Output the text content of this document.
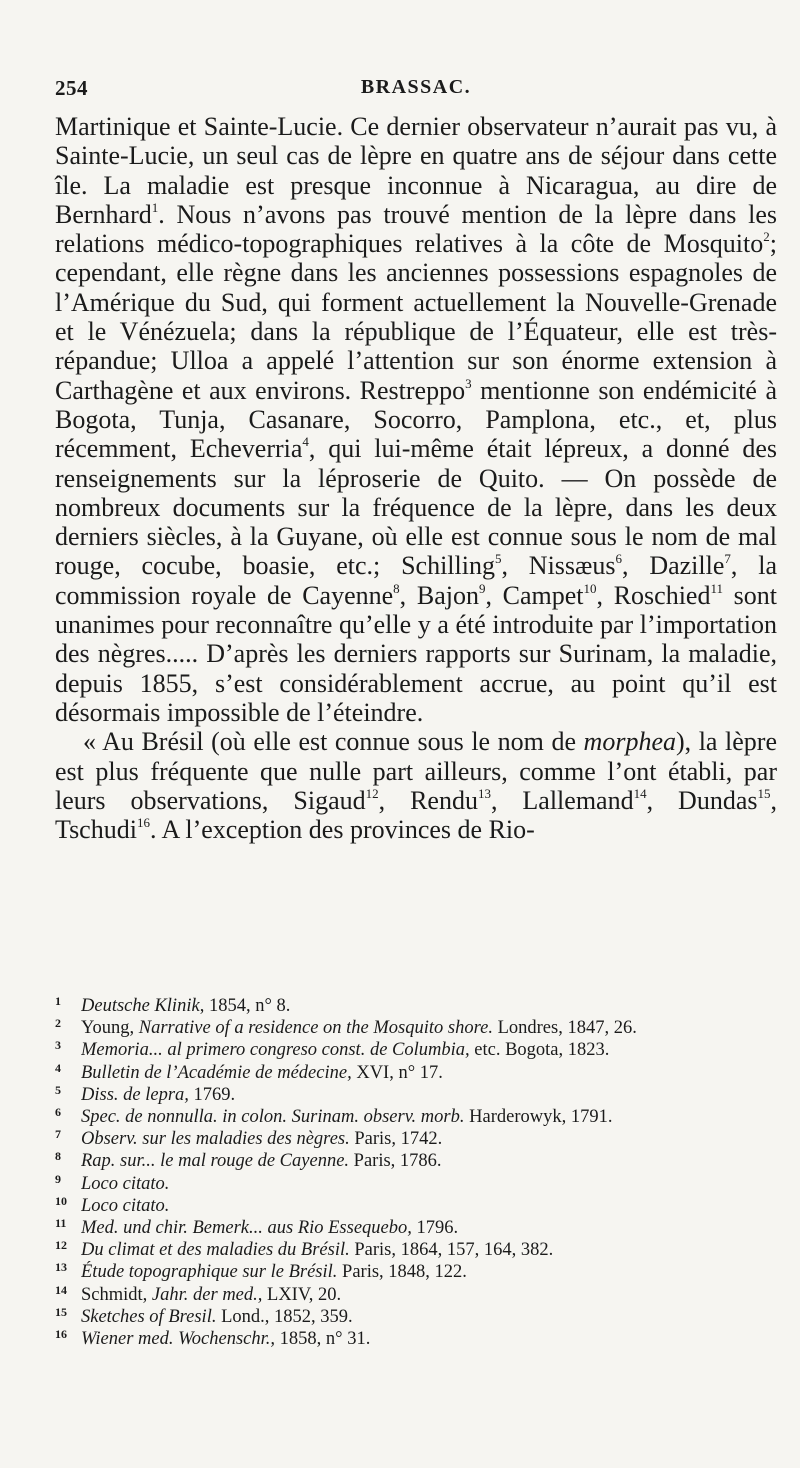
254	BRASSAC.

Martinique et Sainte-Lucie. Ce dernier observateur n’aurait pas vu, à Sainte-Lucie, un seul cas de lèpre en quatre ans de séjour dans cette île. La maladie est presque inconnue à Nicaragua, au dire de Bernhard$^1$. Nous n’avons pas trouvé mention de la lèpre dans les relations médico-topographiques relatives à la côte de Mosquito$^2$; cependant, elle règne dans les anciennes possessions espagnoles de l’Amérique du Sud, qui forment actuellement la Nouvelle-Grenade et le Vénézuela; dans la république de l’Équateur, elle est très-répandue; Ulloa a appelé l’attention sur son énorme extension à Carthagène et aux environs. Restreppo$^3$ mentionne son endémicité à Bogota, Tunja, Casanare, Socorro, Pamplona, etc., et, plus récemment, Echeverria$^4$, qui lui-même était lépreux, a donné des renseignements sur la léproserie de Quito. — On possède de nombreux documents sur la fréquence de la lèpre, dans les deux derniers siècles, à la Guyane, où elle est connue sous le nom de mal rouge, cocube, boasie, etc.; Schilling$^5$, Nissæus$^6$, Dazille$^7$, la commission royale de Cayenne$^8$, Bajon$^9$, Campet$^{10}$, Roschied$^{11}$ sont unanimes pour reconnaître qu’elle y a été introduite par l’importation des nègres..... D’après les derniers rapports sur Surinam, la maladie, depuis 1855, s’est considérablement accrue, au point qu’il est désormais impossible de l’éteindre.

« Au Brésil (où elle est connue sous le nom de morphea), la lèpre est plus fréquente que nulle part ailleurs, comme l’ont établi, par leurs observations, Sigaud$^{12}$, Rendu$^{13}$, Lallemand$^{14}$, Dundas$^{15}$, Tschudi$^{16}$. A l’exception des provinces de Rio-

1	Deutsche Klinik, 1854, n° 8.
2	Young, Narrative of a residence on the Mosquito shore. Londres, 1847, 26.
3	Memoria... al primero congreso const. de Columbia, etc. Bogota, 1823.
4	Bulletin de l’Académie de médecine, XVI, n° 17.
5	Diss. de lepra, 1769.
6	Spec. de nonnulla. in colon. Surinam. observ. morb. Harderowyk, 1791.
7	Observ. sur les maladies des nègres. Paris, 1742.
8	Rap. sur... le mal rouge de Cayenne. Paris, 1786.
9	Loco citato.
10 Loco citato.
11 Med. und chir. Bemerk... aus Rio Essequebo, 1796.
12 Du climat et des maladies du Brésil. Paris, 1864, 157, 164, 382.
13 Étude topographique sur le Brésil. Paris, 1848, 122.
14 Schmidt, Jahr. der med., LXIV, 20.
15 Sketches of Bresil. Lond., 1852, 359.
16 Wiener med. Wochenschr., 1858, n° 31.
